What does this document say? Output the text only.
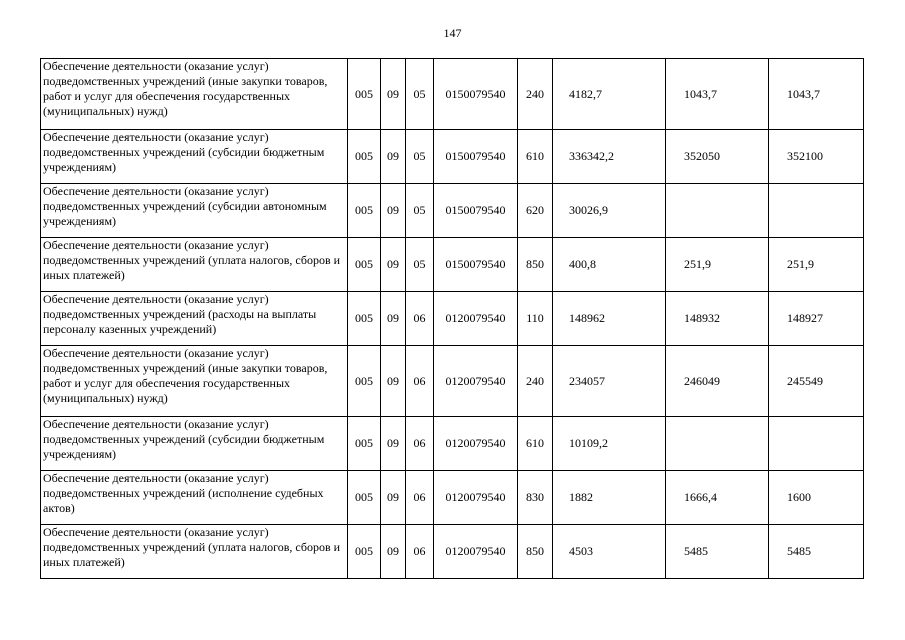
147
Обеспечение деятельности (оказание услуг) подведомственных учреждений (иные закупки товаров, работ и услуг для обеспечения государственных (муниципальных) нужд)	005	09	05	0150079540	240	4182,7	1043,7	1043,7
Обеспечение деятельности (оказание услуг) подведомственных учреждений (субсидии бюджетным учреждениям)	005	09	05	0150079540	610	336342,2	352050	352100
Обеспечение деятельности (оказание услуг) подведомственных учреждений (субсидии автономным учреждениям)	005	09	05	0150079540	620	30026,9		
Обеспечение деятельности (оказание услуг) подведомственных учреждений (уплата налогов, сборов и иных платежей)	005	09	05	0150079540	850	400,8	251,9	251,9
Обеспечение деятельности (оказание услуг) подведомственных учреждений (расходы на выплаты персоналу казенных учреждений)	005	09	06	0120079540	110	148962	148932	148927
Обеспечение деятельности (оказание услуг) подведомственных учреждений (иные закупки товаров, работ и услуг для обеспечения государственных (муниципальных) нужд)	005	09	06	0120079540	240	234057	246049	245549
Обеспечение деятельности (оказание услуг) подведомственных учреждений (субсидии бюджетным учреждениям)	005	09	06	0120079540	610	10109,2		
Обеспечение деятельности (оказание услуг) подведомственных учреждений (исполнение судебных актов)	005	09	06	0120079540	830	1882	1666,4	1600
Обеспечение деятельности (оказание услуг) подведомственных учреждений (уплата налогов, сборов и иных платежей)	005	09	06	0120079540	850	4503	5485	5485
